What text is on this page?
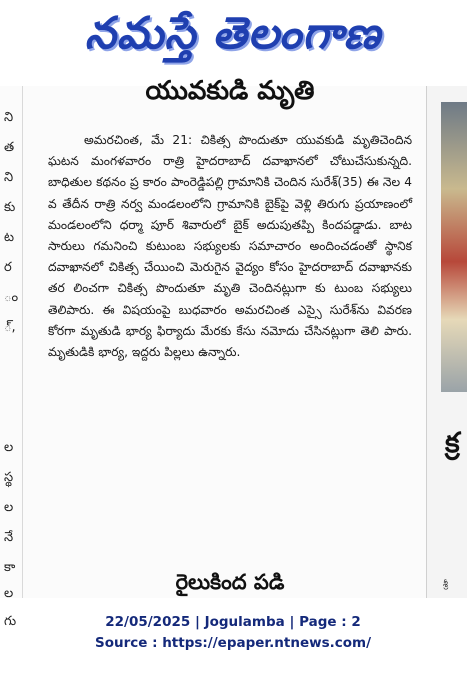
నమస్తే తెలంగాణ
ని
త
ని
కు
ట
ర
ం
్,
ల
స్థ
ల
నే
కా
ల
గు
యువకుడి మృతి
అమరచింత, మే 21: చికిత్స పొందుతూ యువకుడి మృతిచెందిన ఘటన మంగళవారం రాత్రి హైదరాబాద్ దవాఖానలో చోటుచేసుకున్నది. బాధితుల కథనం ప్ర కారం పాంరెడ్డిపల్లి గ్రామానికి చెందిన సురేశ్(35) ఈ నెల 4 వ తేదీన రాత్రి నర్వ మండలంలోని గ్రామానికి బైక్‌పై వెళ్లి తిరుగు ప్రయాణంలో మండలంలోని ధర్మా పూర్ శివారులో బైక్ అదుపుతప్పి కిందపడ్డాడు. బాట సారులు గమనించి కుటుంబ సభ్యులకు సమాచారం అందించడంతో స్థానిక దవాఖానలో చికిత్స చేయించి మెరుగైన వైద్యం కోసం హైదరాబాద్ దవాఖానకు తర లించగా చికిత్స పొందుతూ మృతి చెందినట్లుగా కు టుంబ సభ్యులు తెలిపారు. ఈ విషయంపై బుధవారం అమరచింత ఎస్సై సురేశ్‌ను వివరణ కోరగా మృతుడి భార్య ఫిర్యాదు మేరకు కేసు నమోదు చేసినట్లుగా తెలి పారు. మృతుడికి భార్య, ఇద్దరు పిల్లలు ఉన్నారు.
రైలుకింద పడి
క్ర
శ్రీ
22/05/2025 | Jogulamba | Page : 2
Source : https://epaper.ntnews.com/
